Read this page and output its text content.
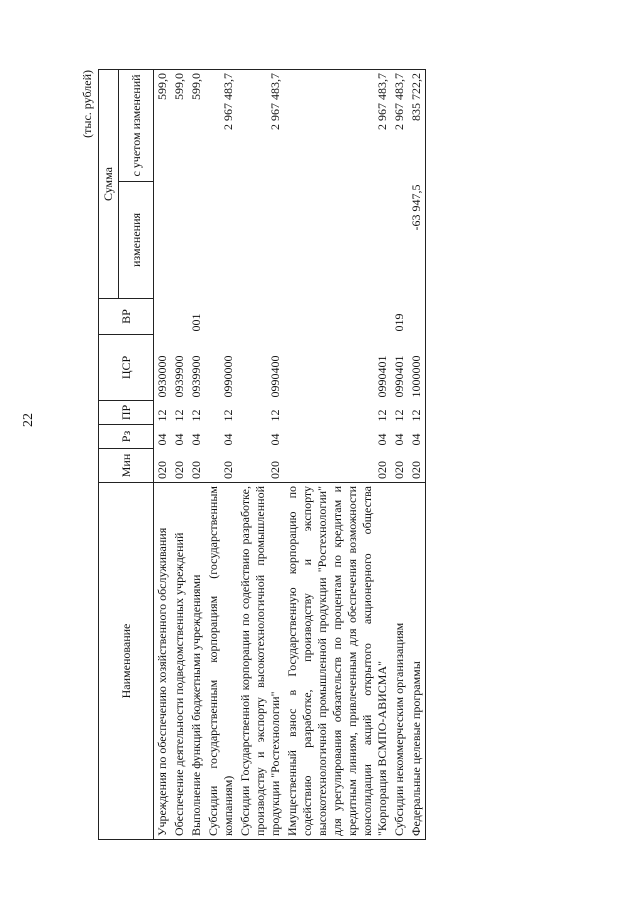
22
(тыс. рублей)
Наименование	Мин	Рз	ПР	ЦСР	ВР	Сумма	
						изменения	с учетом изменений
Учреждения по обеспечению хозяйственного обслуживания	020	04	12	0930000			599,0
Обеспечение деятельности подведомственных учреждений	020	04	12	0939900			599,0
Выполнение функций бюджетными учреждениями	020	04	12	0939900	001		599,0
Субсидии государственным корпорациям (государственным компаниям)	020	04	12	0990000			2 967 483,7
Субсидии Государственной корпорации по содействию разработке, производству и экспорту высокотехнологичной промышленной продукции "Ростехнологии"	020	04	12	0990400			2 967 483,7
Имущественный взнос в Государственную корпорацию по содействию разработке, производству и экспорту высокотехнологичной промышленной продукции "Ростехнологии" для урегулирования обязательств по процентам по кредитам и кредитным линиям, привлеченным для обеспечения возможности консолидации акций открытого акционерного общества "Корпорация ВСМПО-АВИСМА"	020	04	12	0990401			2 967 483,7
Субсидии некоммерческим организациям	020	04	12	0990401	019		2 967 483,7
Федеральные целевые программы	020	04	12	1000000		-63 947,5	835 722,2
